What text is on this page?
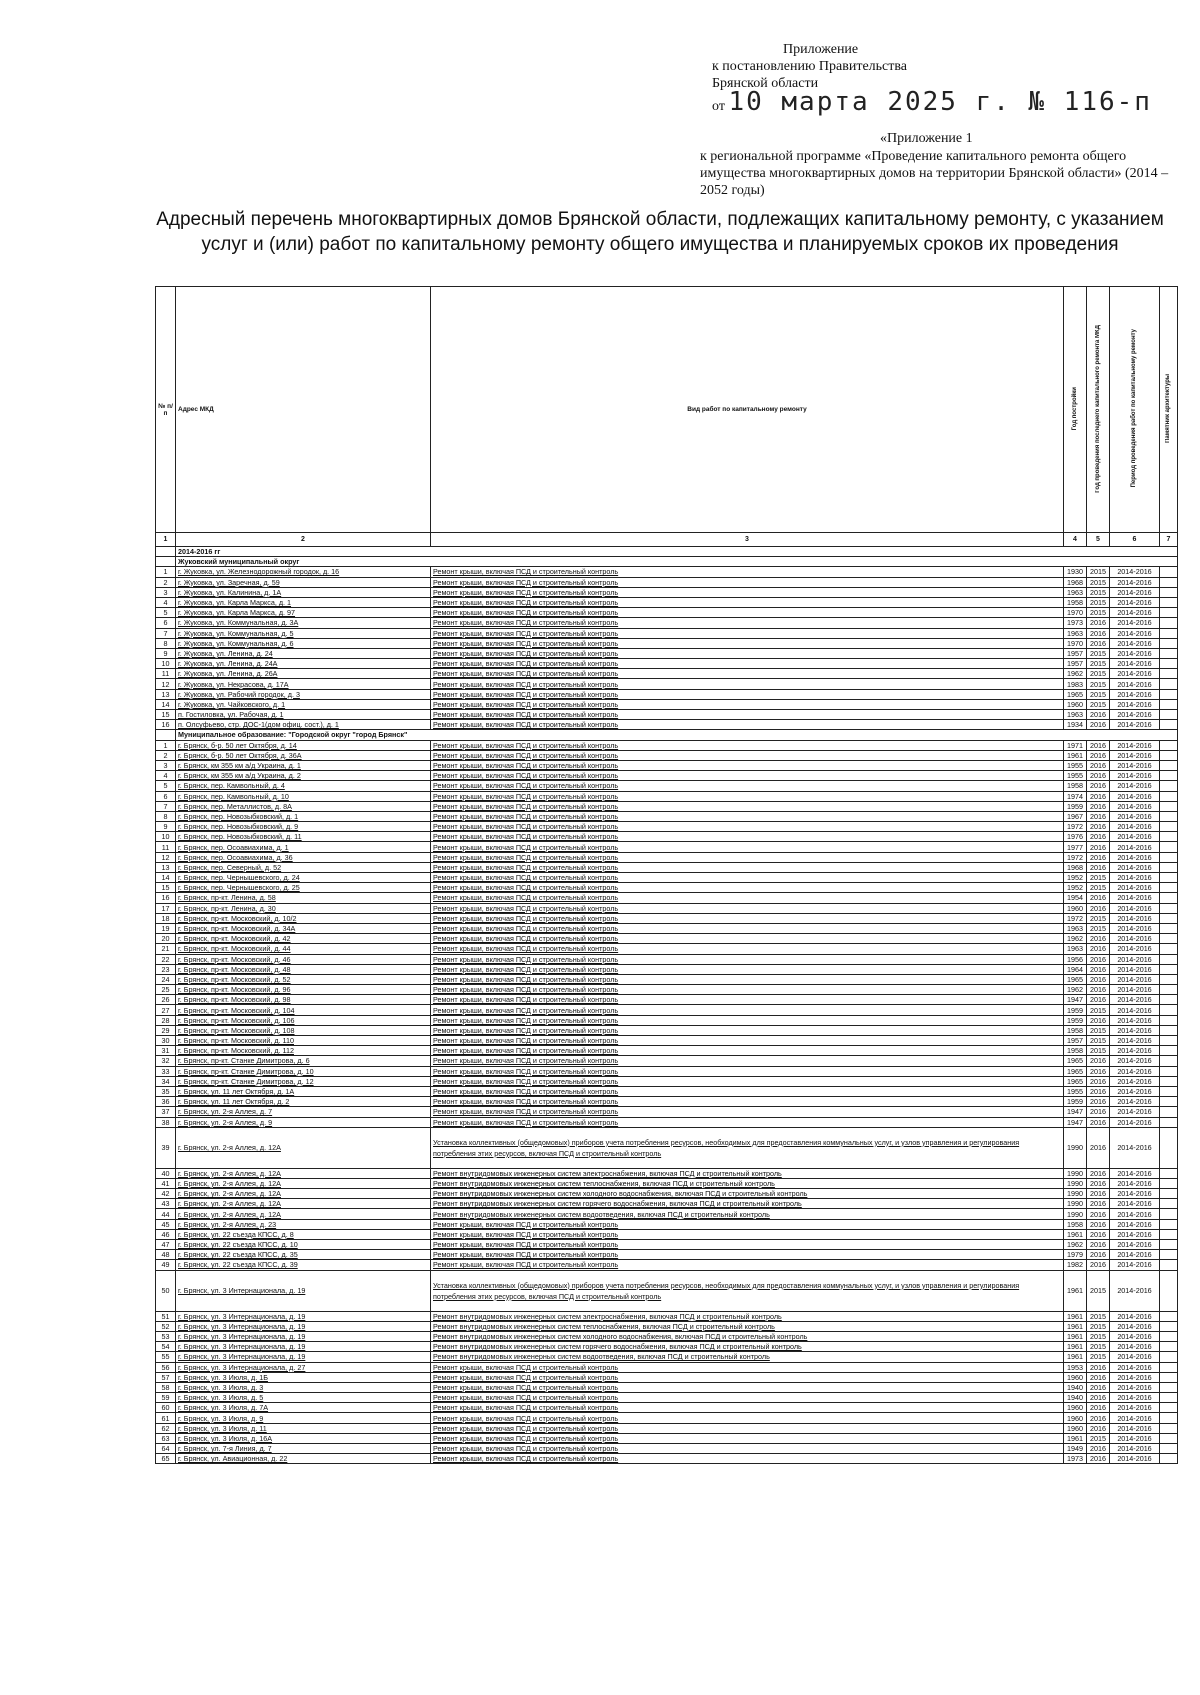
Приложение
к постановлению Правительства
Брянской области
от 10 марта 2025 г. № 116-п
«Приложение 1
к региональной программе «Проведение капитального ремонта общего имущества многоквартирных домов на территории Брянской области» (2014 – 2052 годы)
Адресный перечень многоквартирных домов Брянской области, подлежащих капитальному ремонту, с указанием услуг и (или) работ по капитальному ремонту общего имущества и планируемых сроков их проведения
№ п/п	Адрес МКД	Вид работ по капитальному ремонту	Год постройки	Год проведения последнего капитального ремонта МКД	Период проведения работ по капитальному ремонту	Памятник архитектуры
1	2	3	4	5	6	7
	2014-2016 гг					
	Жуковский муниципальный округ					
1	г. Жуковка, ул. Железнодорожный городок, д. 16	Ремонт крыши, включая ПСД и строительный контроль	1930	2015	2014-2016	
2	г. Жуковка, ул. Заречная, д. 59	Ремонт крыши, включая ПСД и строительный контроль	1968	2015	2014-2016	
3	г. Жуковка, ул. Калинина, д. 1А	Ремонт крыши, включая ПСД и строительный контроль	1963	2015	2014-2016	
4	г. Жуковка, ул. Карла Маркса, д. 1	Ремонт крыши, включая ПСД и строительный контроль	1958	2015	2014-2016	
5	г. Жуковка, ул. Карла Маркса, д. 97	Ремонт крыши, включая ПСД и строительный контроль	1970	2015	2014-2016	
6	г. Жуковка, ул. Коммунальная, д. 3А	Ремонт крыши, включая ПСД и строительный контроль	1973	2016	2014-2016	
7	г. Жуковка, ул. Коммунальная, д. 5	Ремонт крыши, включая ПСД и строительный контроль	1963	2016	2014-2016	
8	г. Жуковка, ул. Коммунальная, д. 6	Ремонт крыши, включая ПСД и строительный контроль	1970	2016	2014-2016	
9	г. Жуковка, ул. Ленина, д. 24	Ремонт крыши, включая ПСД и строительный контроль	1957	2015	2014-2016	
10	г. Жуковка, ул. Ленина, д. 24А	Ремонт крыши, включая ПСД и строительный контроль	1957	2015	2014-2016	
11	г. Жуковка, ул. Ленина, д. 26А	Ремонт крыши, включая ПСД и строительный контроль	1962	2015	2014-2016	
12	г. Жуковка, ул. Некрасова, д. 17А	Ремонт крыши, включая ПСД и строительный контроль	1983	2015	2014-2016	
13	г. Жуковка, ул. Рабочий городок, д. 3	Ремонт крыши, включая ПСД и строительный контроль	1965	2015	2014-2016	
14	г. Жуковка, ул. Чайковского, д. 1	Ремонт крыши, включая ПСД и строительный контроль	1960	2015	2014-2016	
15	п. Гостиловка, ул. Рабочая, д. 1	Ремонт крыши, включая ПСД и строительный контроль	1963	2016	2014-2016	
16	п. Олсуфьево, стр. ДОС-1(дом офиц. сост.), д. 1	Ремонт крыши, включая ПСД и строительный контроль	1934	2016	2014-2016	
	Муниципальное образование: "Городской округ "город Брянск"					
1	г. Брянск, б-р. 50 лет Октября, д. 14	Ремонт крыши, включая ПСД и строительный контроль	1971	2016	2014-2016	
2	г. Брянск, б-р. 50 лет Октября, д. 36А	Ремонт крыши, включая ПСД и строительный контроль	1961	2016	2014-2016	
3	г. Брянск, км 355 км а/д Украина, д. 1	Ремонт крыши, включая ПСД и строительный контроль	1955	2016	2014-2016	
4	г. Брянск, км 355 км а/д Украина, д. 2	Ремонт крыши, включая ПСД и строительный контроль	1955	2016	2014-2016	
5	г. Брянск, пер. Камвольный, д. 4	Ремонт крыши, включая ПСД и строительный контроль	1958	2016	2014-2016	
6	г. Брянск, пер. Камвольный, д. 10	Ремонт крыши, включая ПСД и строительный контроль	1974	2016	2014-2016	
7	г. Брянск, пер. Металлистов, д. 8А	Ремонт крыши, включая ПСД и строительный контроль	1959	2016	2014-2016	
8	г. Брянск, пер. Новозыбковский, д. 1	Ремонт крыши, включая ПСД и строительный контроль	1967	2016	2014-2016	
9	г. Брянск, пер. Новозыбковский, д. 9	Ремонт крыши, включая ПСД и строительный контроль	1972	2016	2014-2016	
10	г. Брянск, пер. Новозыбковский, д. 11	Ремонт крыши, включая ПСД и строительный контроль	1976	2016	2014-2016	
11	г. Брянск, пер. Осоавиахима, д. 1	Ремонт крыши, включая ПСД и строительный контроль	1977	2016	2014-2016	
12	г. Брянск, пер. Осоавиахима, д. 36	Ремонт крыши, включая ПСД и строительный контроль	1972	2016	2014-2016	
13	г. Брянск, пер. Северный, д. 52	Ремонт крыши, включая ПСД и строительный контроль	1968	2016	2014-2016	
14	г. Брянск, пер. Чернышевского, д. 24	Ремонт крыши, включая ПСД и строительный контроль	1952	2015	2014-2016	
15	г. Брянск, пер. Чернышевского, д. 25	Ремонт крыши, включая ПСД и строительный контроль	1952	2015	2014-2016	
16	г. Брянск, пр-кт. Ленина, д. 58	Ремонт крыши, включая ПСД и строительный контроль	1954	2016	2014-2016	
17	г. Брянск, пр-кт. Ленина, д. 30	Ремонт крыши, включая ПСД и строительный контроль	1960	2016	2014-2016	
18	г. Брянск, пр-кт. Московский, д. 10/2	Ремонт крыши, включая ПСД и строительный контроль	1972	2015	2014-2016	
19	г. Брянск, пр-кт. Московский, д. 34А	Ремонт крыши, включая ПСД и строительный контроль	1963	2015	2014-2016	
20	г. Брянск, пр-кт. Московский, д. 42	Ремонт крыши, включая ПСД и строительный контроль	1962	2016	2014-2016	
21	г. Брянск, пр-кт. Московский, д. 44	Ремонт крыши, включая ПСД и строительный контроль	1963	2016	2014-2016	
22	г. Брянск, пр-кт. Московский, д. 46	Ремонт крыши, включая ПСД и строительный контроль	1956	2016	2014-2016	
23	г. Брянск, пр-кт. Московский, д. 48	Ремонт крыши, включая ПСД и строительный контроль	1964	2016	2014-2016	
24	г. Брянск, пр-кт. Московский, д. 52	Ремонт крыши, включая ПСД и строительный контроль	1965	2016	2014-2016	
25	г. Брянск, пр-кт. Московский, д. 96	Ремонт крыши, включая ПСД и строительный контроль	1962	2016	2014-2016	
26	г. Брянск, пр-кт. Московский, д. 98	Ремонт крыши, включая ПСД и строительный контроль	1947	2016	2014-2016	
27	г. Брянск, пр-кт. Московский, д. 104	Ремонт крыши, включая ПСД и строительный контроль	1959	2015	2014-2016	
28	г. Брянск, пр-кт. Московский, д. 106	Ремонт крыши, включая ПСД и строительный контроль	1959	2016	2014-2016	
29	г. Брянск, пр-кт. Московский, д. 108	Ремонт крыши, включая ПСД и строительный контроль	1958	2015	2014-2016	
30	г. Брянск, пр-кт. Московский, д. 110	Ремонт крыши, включая ПСД и строительный контроль	1957	2015	2014-2016	
31	г. Брянск, пр-кт. Московский, д. 112	Ремонт крыши, включая ПСД и строительный контроль	1958	2015	2014-2016	
32	г. Брянск, пр-кт. Станке Димитрова, д. 6	Ремонт крыши, включая ПСД и строительный контроль	1965	2016	2014-2016	
33	г. Брянск, пр-кт. Станке Димитрова, д. 10	Ремонт крыши, включая ПСД и строительный контроль	1965	2016	2014-2016	
34	г. Брянск, пр-кт. Станке Димитрова, д. 12	Ремонт крыши, включая ПСД и строительный контроль	1965	2016	2014-2016	
35	г. Брянск, ул. 11 лет Октября, д. 1А	Ремонт крыши, включая ПСД и строительный контроль	1955	2016	2014-2016	
36	г. Брянск, ул. 11 лет Октября, д. 2	Ремонт крыши, включая ПСД и строительный контроль	1959	2016	2014-2016	
37	г. Брянск, ул. 2-я Аллея, д. 7	Ремонт крыши, включая ПСД и строительный контроль	1947	2016	2014-2016	
38	г. Брянск, ул. 2-я Аллея, д. 9	Ремонт крыши, включая ПСД и строительный контроль	1947	2016	2014-2016	
39	г. Брянск, ул. 2-я Аллея, д. 12А	Установка коллективных (общедомовых) приборов учета потребления ресурсов, необходимых для предоставления коммунальных услуг, и узлов управления и регулирования потребления этих ресурсов, включая ПСД и строительный контроль	1990	2016	2014-2016	
40	г. Брянск, ул. 2-я Аллея, д. 12А	Ремонт внутридомовых инженерных систем электроснабжения, включая ПСД и строительный контроль	1990	2016	2014-2016	
41	г. Брянск, ул. 2-я Аллея, д. 12А	Ремонт внутридомовых инженерных систем теплоснабжения, включая ПСД и строительный контроль	1990	2016	2014-2016	
42	г. Брянск, ул. 2-я Аллея, д. 12А	Ремонт внутридомовых инженерных систем холодного водоснабжения, включая ПСД и строительный контроль	1990	2016	2014-2016	
43	г. Брянск, ул. 2-я Аллея, д. 12А	Ремонт внутридомовых инженерных систем горячего водоснабжения, включая ПСД и строительный контроль	1990	2016	2014-2016	
44	г. Брянск, ул. 2-я Аллея, д. 12А	Ремонт внутридомовых инженерных систем водоотведения, включая ПСД и строительный контроль	1990	2016	2014-2016	
45	г. Брянск, ул. 2-я Аллея, д. 23	Ремонт крыши, включая ПСД и строительный контроль	1958	2016	2014-2016	
46	г. Брянск, ул. 22 съезда КПСС, д. 8	Ремонт крыши, включая ПСД и строительный контроль	1961	2016	2014-2016	
47	г. Брянск, ул. 22 съезда КПСС, д. 10	Ремонт крыши, включая ПСД и строительный контроль	1962	2016	2014-2016	
48	г. Брянск, ул. 22 съезда КПСС, д. 35	Ремонт крыши, включая ПСД и строительный контроль	1979	2016	2014-2016	
49	г. Брянск, ул. 22 съезда КПСС, д. 39	Ремонт крыши, включая ПСД и строительный контроль	1982	2016	2014-2016	
50	г. Брянск, ул. 3 Интернационала, д. 19	Установка коллективных (общедомовых) приборов учета потребления ресурсов, необходимых для предоставления коммунальных услуг, и узлов управления и регулирования потребления этих ресурсов, включая ПСД и строительный контроль	1961	2015	2014-2016	
51	г. Брянск, ул. 3 Интернационала, д. 19	Ремонт внутридомовых инженерных систем электроснабжения, включая ПСД и строительный контроль	1961	2015	2014-2016	
52	г. Брянск, ул. 3 Интернационала, д. 19	Ремонт внутридомовых инженерных систем теплоснабжения, включая ПСД и строительный контроль	1961	2015	2014-2016	
53	г. Брянск, ул. 3 Интернационала, д. 19	Ремонт внутридомовых инженерных систем холодного водоснабжения, включая ПСД и строительный контроль	1961	2015	2014-2016	
54	г. Брянск, ул. 3 Интернационала, д. 19	Ремонт внутридомовых инженерных систем горячего водоснабжения, включая ПСД и строительный контроль	1961	2015	2014-2016	
55	г. Брянск, ул. 3 Интернационала, д. 19	Ремонт внутридомовых инженерных систем водоотведения, включая ПСД и строительный контроль	1961	2015	2014-2016	
56	г. Брянск, ул. 3 Интернационала, д. 27	Ремонт крыши, включая ПСД и строительный контроль	1953	2016	2014-2016	
57	г. Брянск, ул. 3 Июля, д. 1Б	Ремонт крыши, включая ПСД и строительный контроль	1960	2016	2014-2016	
58	г. Брянск, ул. 3 Июля, д. 3	Ремонт крыши, включая ПСД и строительный контроль	1940	2016	2014-2016	
59	г. Брянск, ул. 3 Июля, д. 5	Ремонт крыши, включая ПСД и строительный контроль	1940	2016	2014-2016	
60	г. Брянск, ул. 3 Июля, д. 7А	Ремонт крыши, включая ПСД и строительный контроль	1960	2016	2014-2016	
61	г. Брянск, ул. 3 Июля, д. 9	Ремонт крыши, включая ПСД и строительный контроль	1960	2016	2014-2016	
62	г. Брянск, ул. 3 Июля, д. 11	Ремонт крыши, включая ПСД и строительный контроль	1960	2016	2014-2016	
63	г. Брянск, ул. 3 Июля, д. 16А	Ремонт крыши, включая ПСД и строительный контроль	1961	2015	2014-2016	
64	г. Брянск, ул. 7-я Линия, д. 7	Ремонт крыши, включая ПСД и строительный контроль	1949	2016	2014-2016	
65	г. Брянск, ул. Авиационная, д. 22	Ремонт крыши, включая ПСД и строительный контроль	1973	2016	2014-2016	
